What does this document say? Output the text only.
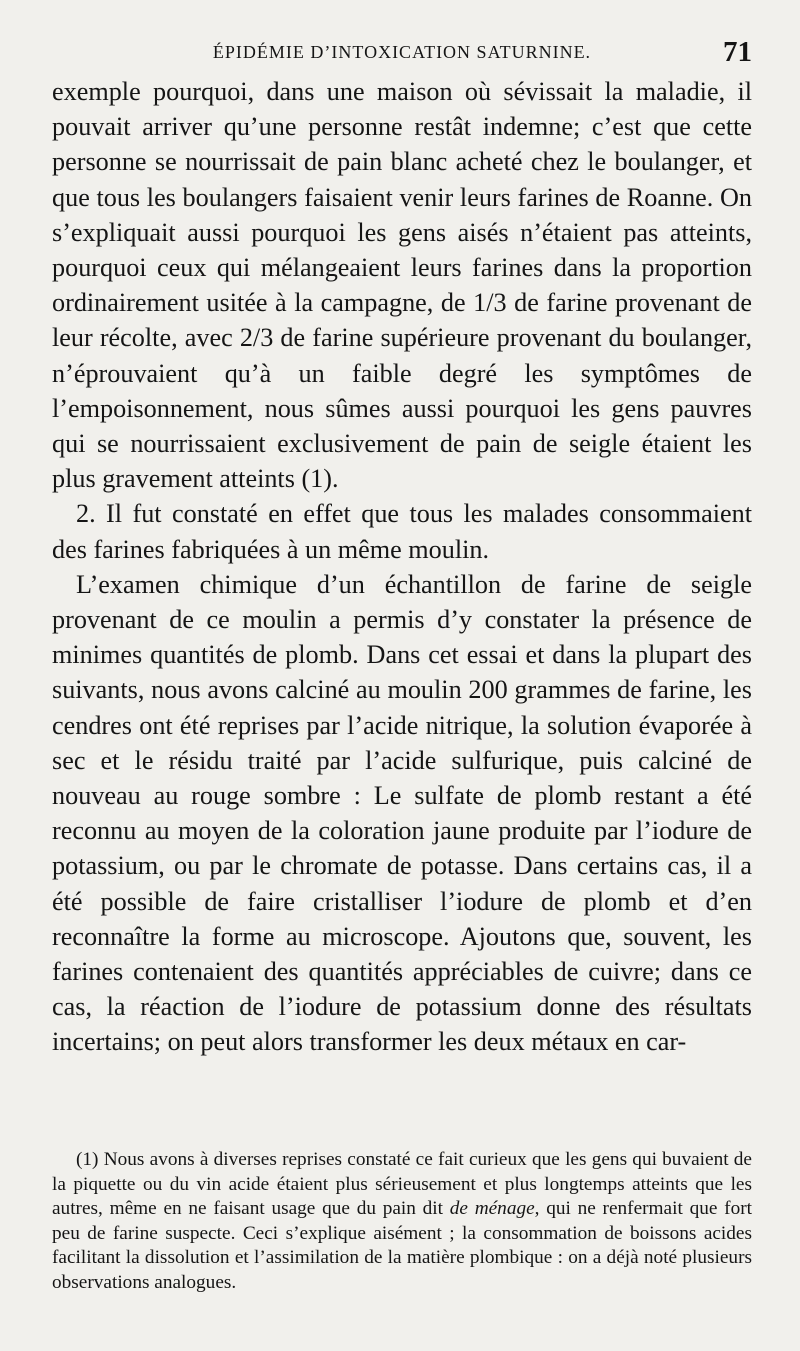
ÉPIDÉMIE D’INTOXICATION SATURNINE.	71

exemple pourquoi, dans une maison où sévissait la maladie, il pouvait arriver qu’une personne restât indemne; c’est que cette personne se nourrissait de pain blanc acheté chez le boulanger, et que tous les boulangers faisaient venir leurs farines de Roanne. On s’expliquait aussi pourquoi les gens aisés n’étaient pas atteints, pourquoi ceux qui mélangeaient leurs farines dans la proportion ordinairement usitée à la campagne, de 1/3 de farine provenant de leur récolte, avec 2/3 de farine supérieure provenant du boulanger, n’éprouvaient qu’à un faible degré les symptômes de l’empoisonnement, nous sûmes aussi pourquoi les gens pauvres qui se nourrissaient exclusivement de pain de seigle étaient les plus gravement atteints (1).

2. Il fut constaté en effet que tous les malades consommaient des farines fabriquées à un même moulin.

L’examen chimique d’un échantillon de farine de seigle provenant de ce moulin a permis d’y constater la présence de minimes quantités de plomb. Dans cet essai et dans la plupart des suivants, nous avons calciné au moulin 200 grammes de farine, les cendres ont été reprises par l’acide nitrique, la solution évaporée à sec et le résidu traité par l’acide sulfurique, puis calciné de nouveau au rouge sombre : Le sulfate de plomb restant a été reconnu au moyen de la coloration jaune produite par l’iodure de potassium, ou par le chromate de potasse. Dans certains cas, il a été possible de faire cristalliser l’iodure de plomb et d’en reconnaître la forme au microscope. Ajoutons que, souvent, les farines contenaient des quantités appréciables de cuivre; dans ce cas, la réaction de l’iodure de potassium donne des résultats incertains; on peut alors transformer les deux métaux en car-

(1) Nous avons à diverses reprises constaté ce fait curieux que les gens qui buvaient de la piquette ou du vin acide étaient plus sérieusement et plus longtemps atteints que les autres, même en ne faisant usage que du pain dit de ménage, qui ne renfermait que fort peu de farine suspecte. Ceci s’explique aisément ; la consommation de boissons acides facilitant la dissolution et l’assimilation de la matière plombique : on a déjà noté plusieurs observations analogues.
